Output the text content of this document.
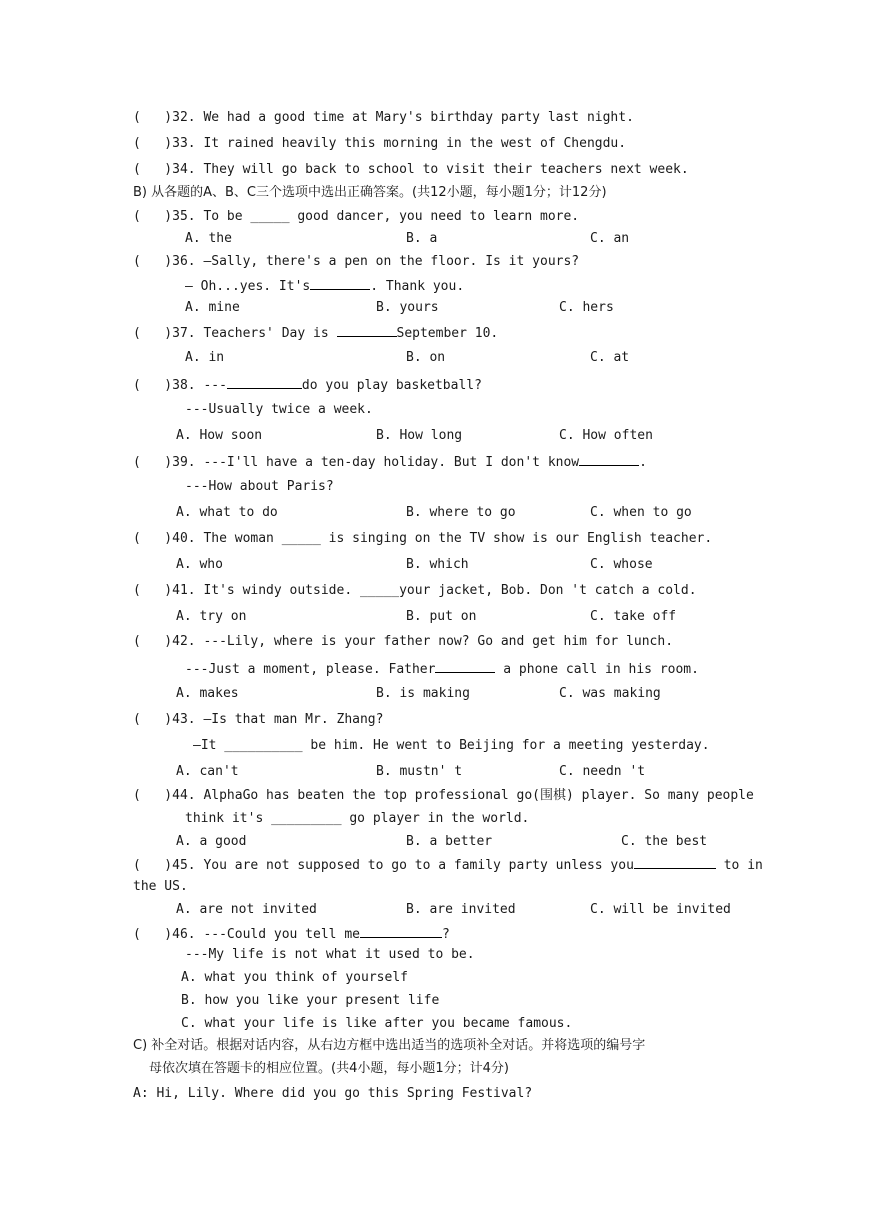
(   )32. We had a good time at Mary's birthday party last night.
(   )33. It rained heavily this morning in the west of Chengdu.
(   )34. They will go back to school to visit their teachers next week.
B) 从各题的A、B、C三个选项中选出正确答案。(共12小题，每小题1分；计12分)
(   )35. To be _____ good dancer, you need to learn more.
A. the	B. a	C. an
(   )36. —Sally, there's a pen on the floor. Is it yours?
— Oh...yes. It's	. Thank you.
A. mine	B. yours	C. hers
(   )37. Teachers' Day is	September 10.
A. in	B. on	C. at
(   )38. ---	do you play basketball?
---Usually twice a week.
A. How soon	B. How long	C. How often
(   )39. ---I'll have a ten-day holiday. But I don't know	.
---How about Paris?
A. what to do	B. where to go	C. when to go
(   )40. The woman _____ is singing on the TV show is our English teacher.
A. who	B. which	C. whose
(   )41. It's windy outside. _____your jacket, Bob. Don 't catch a cold.
A. try on	B. put on	C. take off
(   )42. ---Lily, where is your father now? Go and get him for lunch.
---Just a moment, please. Father	a phone call in his room.
A. makes	B. is making	C. was making
(   )43. —Is that man Mr. Zhang?
—It __________ be him. He went to Beijing for a meeting yesterday.
A. can't	B. mustn' t	C. needn 't
(   )44. AlphaGo has beaten the top professional go(围棋) player. So many people
think it's _________ go player in the world.
A. a good	B. a better	C. the best
(   )45. You are not supposed to go to a family party unless you	to in
the US.
A. are not invited	B. are invited	C. will be invited
(   )46. ---Could you tell me	?
---My life is not what it used to be.
A. what you think of yourself
B. how you like your present life
C. what your life is like after you became famous.
C) 补全对话。根据对话内容，从右边方框中选出适当的选项补全对话。并将选项的编号字
母依次填在答题卡的相应位置。(共4小题，每小题1分；计4分)
A: Hi, Lily. Where did you go this Spring Festival?
